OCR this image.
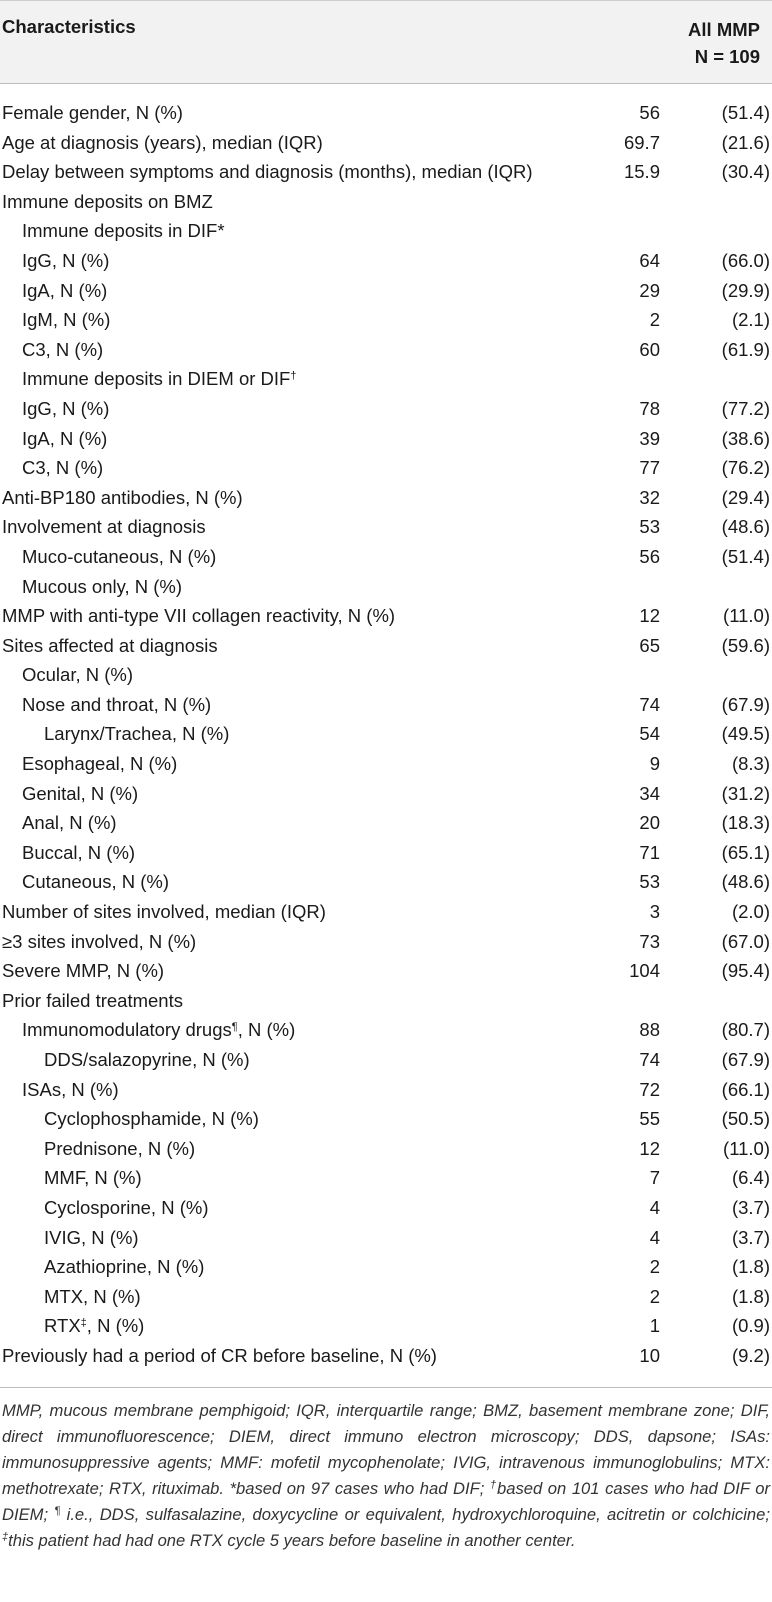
Characteristics	All MMP
N = 109
Female gender, N (%)	56	(51.4)
Age at diagnosis (years), median (IQR)	69.7	(21.6)
Delay between symptoms and diagnosis (months), median (IQR)	15.9	(30.4)
Immune deposits on BMZ
Immune deposits in DIF*
IgG, N (%)	64	(66.0)
IgA, N (%)	29	(29.9)
IgM, N (%)	2	(2.1)
C3, N (%)	60	(61.9)
Immune deposits in DIEM or DIF†
IgG, N (%)	78	(77.2)
IgA, N (%)	39	(38.6)
C3, N (%)	77	(76.2)
Anti-BP180 antibodies, N (%)	32	(29.4)
Involvement at diagnosis	53	(48.6)
Muco-cutaneous, N (%)	56	(51.4)
Mucous only, N (%)
MMP with anti-type VII collagen reactivity, N (%)	12	(11.0)
Sites affected at diagnosis	65	(59.6)
Ocular, N (%)
Nose and throat, N (%)	74	(67.9)
Larynx/Trachea, N (%)	54	(49.5)
Esophageal, N (%)	9	(8.3)
Genital, N (%)	34	(31.2)
Anal, N (%)	20	(18.3)
Buccal, N (%)	71	(65.1)
Cutaneous, N (%)	53	(48.6)
Number of sites involved, median (IQR)	3	(2.0)
≥3 sites involved, N (%)	73	(67.0)
Severe MMP, N (%)	104	(95.4)
Prior failed treatments
Immunomodulatory drugs¶, N (%)	88	(80.7)
DDS/salazopyrine, N (%)	74	(67.9)
ISAs, N (%)	72	(66.1)
Cyclophosphamide, N (%)	55	(50.5)
Prednisone, N (%)	12	(11.0)
MMF, N (%)	7	(6.4)
Cyclosporine, N (%)	4	(3.7)
IVIG, N (%)	4	(3.7)
Azathioprine, N (%)	2	(1.8)
MTX, N (%)	2	(1.8)
RTX‡, N (%)	1	(0.9)
Previously had a period of CR before baseline, N (%)	10	(9.2)
MMP, mucous membrane pemphigoid; IQR, interquartile range; BMZ, basement membrane zone; DIF, direct immunofluorescence; DIEM, direct immuno electron microscopy; DDS, dapsone; ISAs: immunosuppressive agents; MMF: mofetil mycophenolate; IVIG, intravenous immunoglobulins; MTX: methotrexate; RTX, rituximab. *based on 97 cases who had DIF; †based on 101 cases who had DIF or DIEM; ¶ i.e., DDS, sulfasalazine, doxycycline or equivalent, hydroxychloroquine, acitretin or colchicine; ‡this patient had had one RTX cycle 5 years before baseline in another center.
